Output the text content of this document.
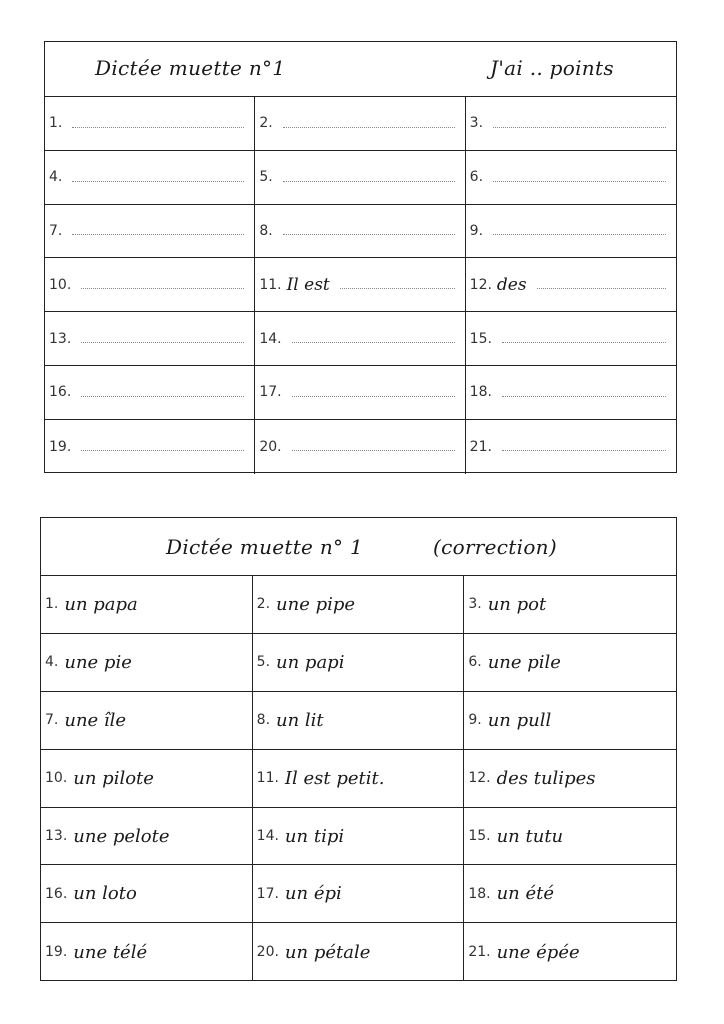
Dictée muette n°1	J'ai .. points
1.	2.	3.
4.	5.	6.
7.	8.	9.
10.	11. Il est	12. des
13.	14.	15.
16.	17.	18.
19.	20.	21.
Dictée muette n° 1	(correction)
1. un papa	2. une pipe	3. un pot
4. une pie	5. un papi	6. une pile
7. une île	8. un lit	9. un pull
10. un pilote	11. Il est petit.	12. des tulipes
13. une pelote	14. un tipi	15. un tutu
16. un loto	17. un épi	18. un été
19. une télé	20. un pétale	21. une épée
